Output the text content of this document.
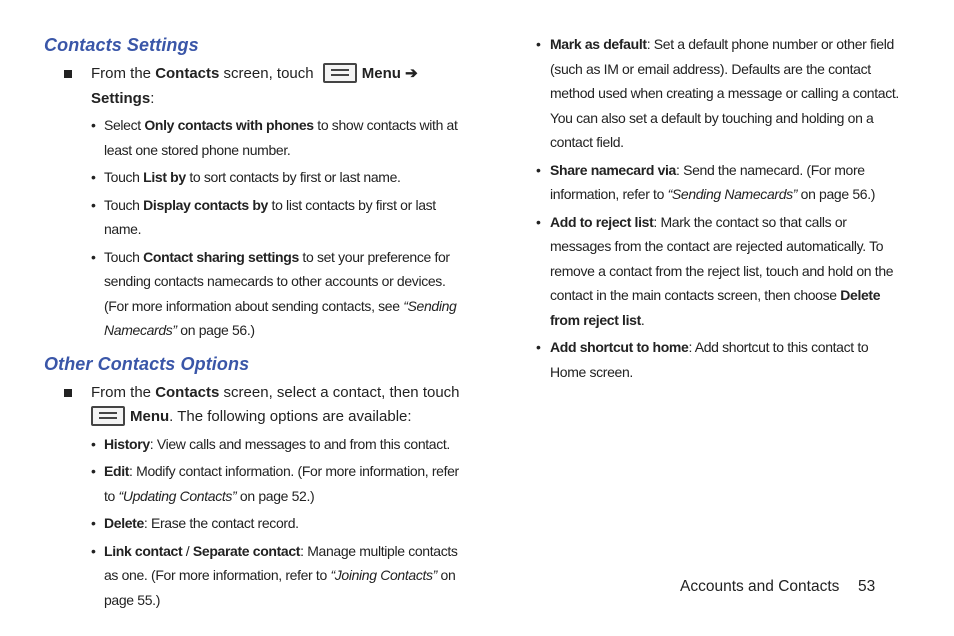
Contacts Settings
From the Contacts screen, touch	Menu ➔
Settings:
• Select Only contacts with phones to show contacts with at least one stored phone number.
• Touch List by to sort contacts by first or last name.
• Touch Display contacts by to list contacts by first or last name.
• Touch Contact sharing settings to set your preference for sending contacts namecards to other accounts or devices. (For more information about sending contacts, see “Sending Namecards” on page 56.)
Other Contacts Options
From the Contacts screen, select a contact, then touch
Menu. The following options are available:
• History: View calls and messages to and from this contact.
• Edit: Modify contact information. (For more information, refer to “Updating Contacts” on page 52.)
• Delete: Erase the contact record.
• Link contact / Separate contact: Manage multiple contacts as one. (For more information, refer to “Joining Contacts” on page 55.)
• Mark as default: Set a default phone number or other field (such as IM or email address). Defaults are the contact method used when creating a message or calling a contact. You can also set a default by touching and holding on a contact field.
• Share namecard via: Send the namecard. (For more information, refer to “Sending Namecards” on page 56.)
• Add to reject list: Mark the contact so that calls or messages from the contact are rejected automatically. To remove a contact from the reject list, touch and hold on the contact in the main contacts screen, then choose Delete from reject list.
• Add shortcut to home: Add shortcut to this contact to Home screen.
Accounts and Contacts 53
